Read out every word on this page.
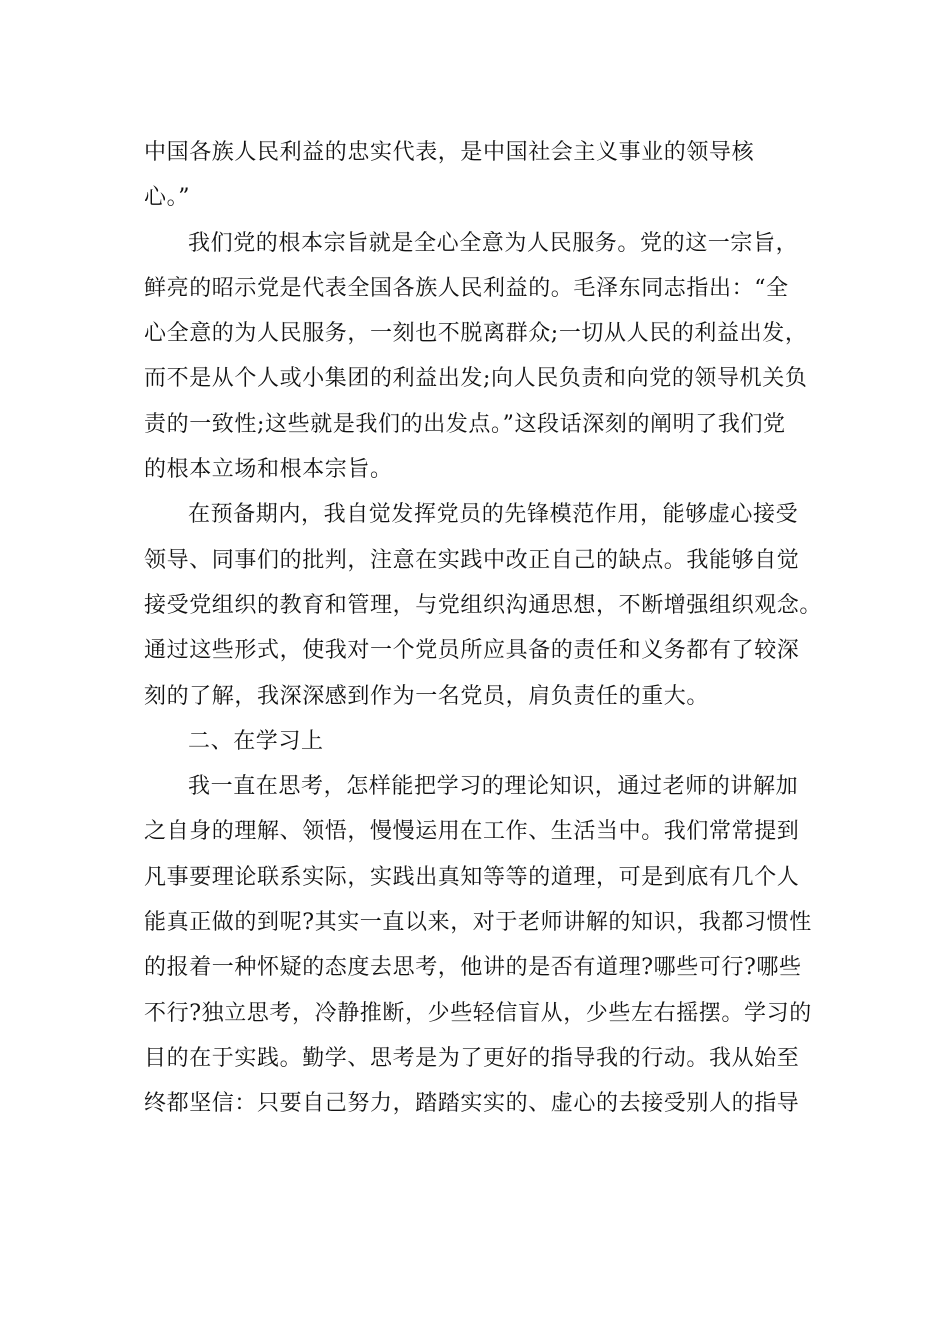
中国各族人民利益的忠实代表，是中国社会主义事业的领导核
心。”
我们党的根本宗旨就是全心全意为人民服务。党的这一宗旨，
鲜亮的昭示党是代表全国各族人民利益的。毛泽东同志指出：“全
心全意的为人民服务，一刻也不脱离群众;一切从人民的利益出发，
而不是从个人或小集团的利益出发;向人民负责和向党的领导机关负
责的一致性;这些就是我们的出发点。”这段话深刻的阐明了我们党
的根本立场和根本宗旨。
在预备期内，我自觉发挥党员的先锋模范作用，能够虚心接受
领导、同事们的批判，注意在实践中改正自己的缺点。我能够自觉
接受党组织的教育和管理，与党组织沟通思想，不断增强组织观念。
通过这些形式，使我对一个党员所应具备的责任和义务都有了较深
刻的了解，我深深感到作为一名党员，肩负责任的重大。
二、在学习上
我一直在思考，怎样能把学习的理论知识，通过老师的讲解加
之自身的理解、领悟，慢慢运用在工作、生活当中。我们常常提到
凡事要理论联系实际，实践出真知等等的道理，可是到底有几个人
能真正做的到呢?其实一直以来，对于老师讲解的知识，我都习惯性
的报着一种怀疑的态度去思考，他讲的是否有道理?哪些可行?哪些
不行?独立思考，冷静推断，少些轻信盲从，少些左右摇摆。学习的
目的在于实践。勤学、思考是为了更好的指导我的行动。我从始至
终都坚信：只要自己努力，踏踏实实的、虚心的去接受别人的指导
